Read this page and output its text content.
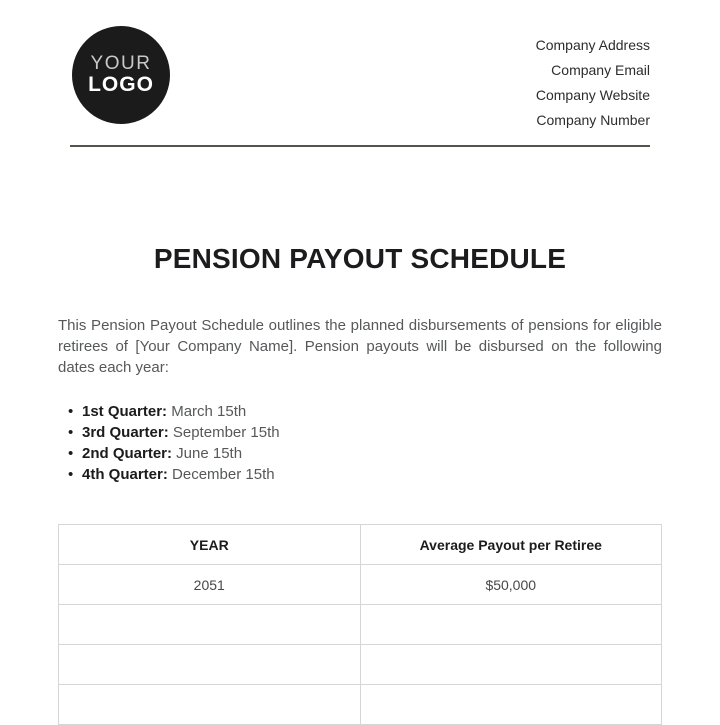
YOUR
LOGO
Company Address
Company Email
Company Website
Company Number
PENSION PAYOUT SCHEDULE

This Pension Payout Schedule outlines the planned disbursements of pensions for eligible retirees of [Your Company Name]. Pension payouts will be disbursed on the following dates each year:

• 1st Quarter: March 15th
• 3rd Quarter: September 15th
• 2nd Quarter: June 15th
• 4th Quarter: December 15th
YEAR	Average Payout per Retiree
2051	$50,000
